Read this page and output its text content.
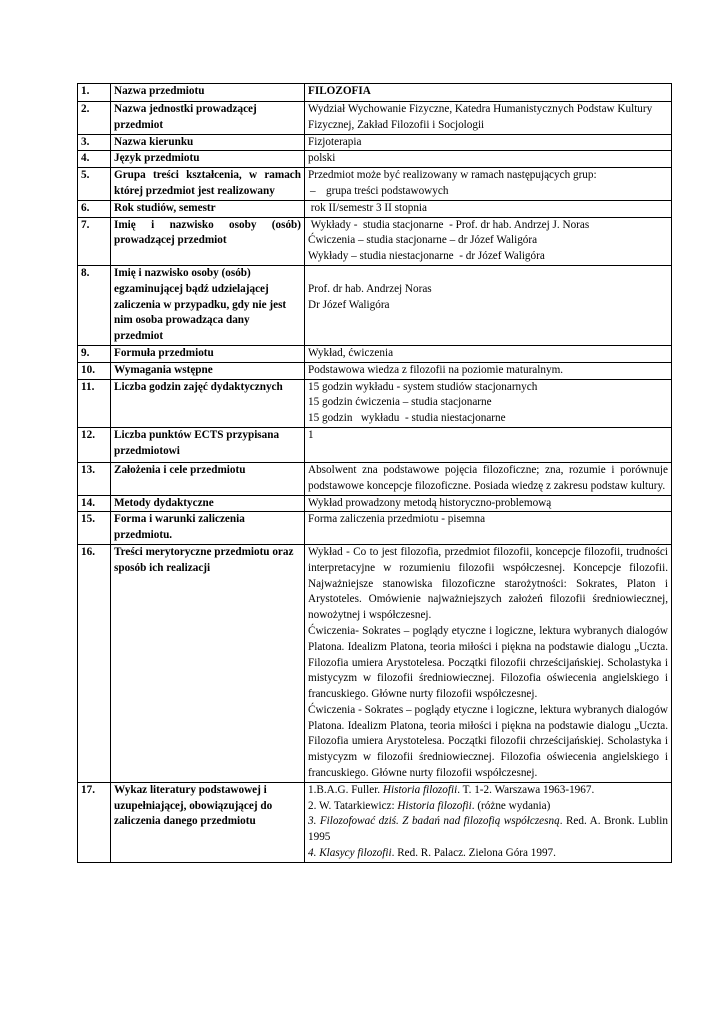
1.	Nazwa przedmiotu	FILOZOFIA
2.	Nazwa jednostki prowadzącej przedmiot	Wydział Wychowanie Fizyczne, Katedra Humanistycznych Podstaw Kultury Fizycznej, Zakład Filozofii i Socjologii
3.	Nazwa kierunku	Fizjoterapia
4.	Język przedmiotu	polski
5.	Grupa treści kształcenia, w ramach której przedmiot jest realizowany	Przedmiot może być realizowany w ramach następujących grup:
– grupa treści podstawowych

6.	Rok studiów, semestr	rok II/semestr 3 II stopnia
7.	Imię i nazwisko osoby (osób) prowadzącej przedmiot	Wykłady -  studia stacjonarne  - Prof. dr hab. Andrzej J. Noras
Ćwiczenia – studia stacjonarne – dr Józef Waligóra
Wykłady – studia niestacjonarne  - dr Józef Waligóra

8.	Imię i nazwisko osoby (osób) egzaminującej bądź udzielającej zaliczenia w przypadku, gdy nie jest nim osoba prowadząca dany przedmiot	Prof. dr hab. Andrzej Noras
Dr Józef Waligóra

9.	Formuła przedmiotu	Wykład, ćwiczenia
10.	Wymagania wstępne	Podstawowa wiedza z filozofii na poziomie maturalnym.
11.	Liczba godzin zajęć dydaktycznych	15 godzin wykładu - system studiów stacjonarnych
15 godzin ćwiczenia – studia stacjonarne
15 godzin   wykładu  - studia niestacjonarne

12.	Liczba punktów ECTS przypisana przedmiotowi	1
13.	Założenia i cele przedmiotu	Absolwent zna podstawowe pojęcia filozoficzne; zna, rozumie i porównuje podstawowe koncepcje filozoficzne. Posiada wiedzę z zakresu podstaw kultury.
14.	Metody dydaktyczne	Wykład prowadzony metodą historyczno-problemową
15.	Forma i warunki zaliczenia przedmiotu.	Forma zaliczenia przedmiotu - pisemna
16.	Treści merytoryczne przedmiotu oraz sposób ich realizacji	Wykład - Co to jest filozofia, przedmiot filozofii, koncepcje filozofii, trudności interpretacyjne w rozumieniu filozofii współczesnej. Koncepcje filozofii. Najważniejsze stanowiska filozoficzne starożytności: Sokrates, Platon i Arystoteles. Omówienie najważniejszych założeń filozofii średniowiecznej, nowożytnej i współczesnej.
Ćwiczenia- Sokrates – poglądy etyczne i logiczne, lektura wybranych dialogów Platona. Idealizm Platona, teoria miłości i piękna na podstawie dialogu „Uczta. Filozofia umiera Arystotelesa. Początki filozofii chrześcijańskiej. Scholastyka i mistycyzm w filozofii średniowiecznej. Filozofia oświecenia angielskiego i francuskiego. Główne nurty filozofii współczesnej.
Ćwiczenia - Sokrates – poglądy etyczne i logiczne, lektura wybranych dialogów Platona. Idealizm Platona, teoria miłości i piękna na podstawie dialogu „Uczta. Filozofia umiera Arystotelesa. Początki filozofii chrześcijańskiej. Scholastyka i mistycyzm w filozofii średniowiecznej. Filozofia oświecenia angielskiego i francuskiego. Główne nurty filozofii współczesnej.

17.	Wykaz literatury podstawowej i uzupełniającej, obowiązującej do zaliczenia danego przedmiotu	1.B.A.G. Fuller. Historia filozofii. T. 1-2. Warszawa 1963-1967.
2. W. Tatarkiewicz: Historia filozofii. (różne wydania)
3. Filozofować dziś. Z badań nad filozofią współczesną. Red. A. Bronk. Lublin 1995
4. Klasycy filozofii. Red. R. Palacz. Zielona Góra 1997.
